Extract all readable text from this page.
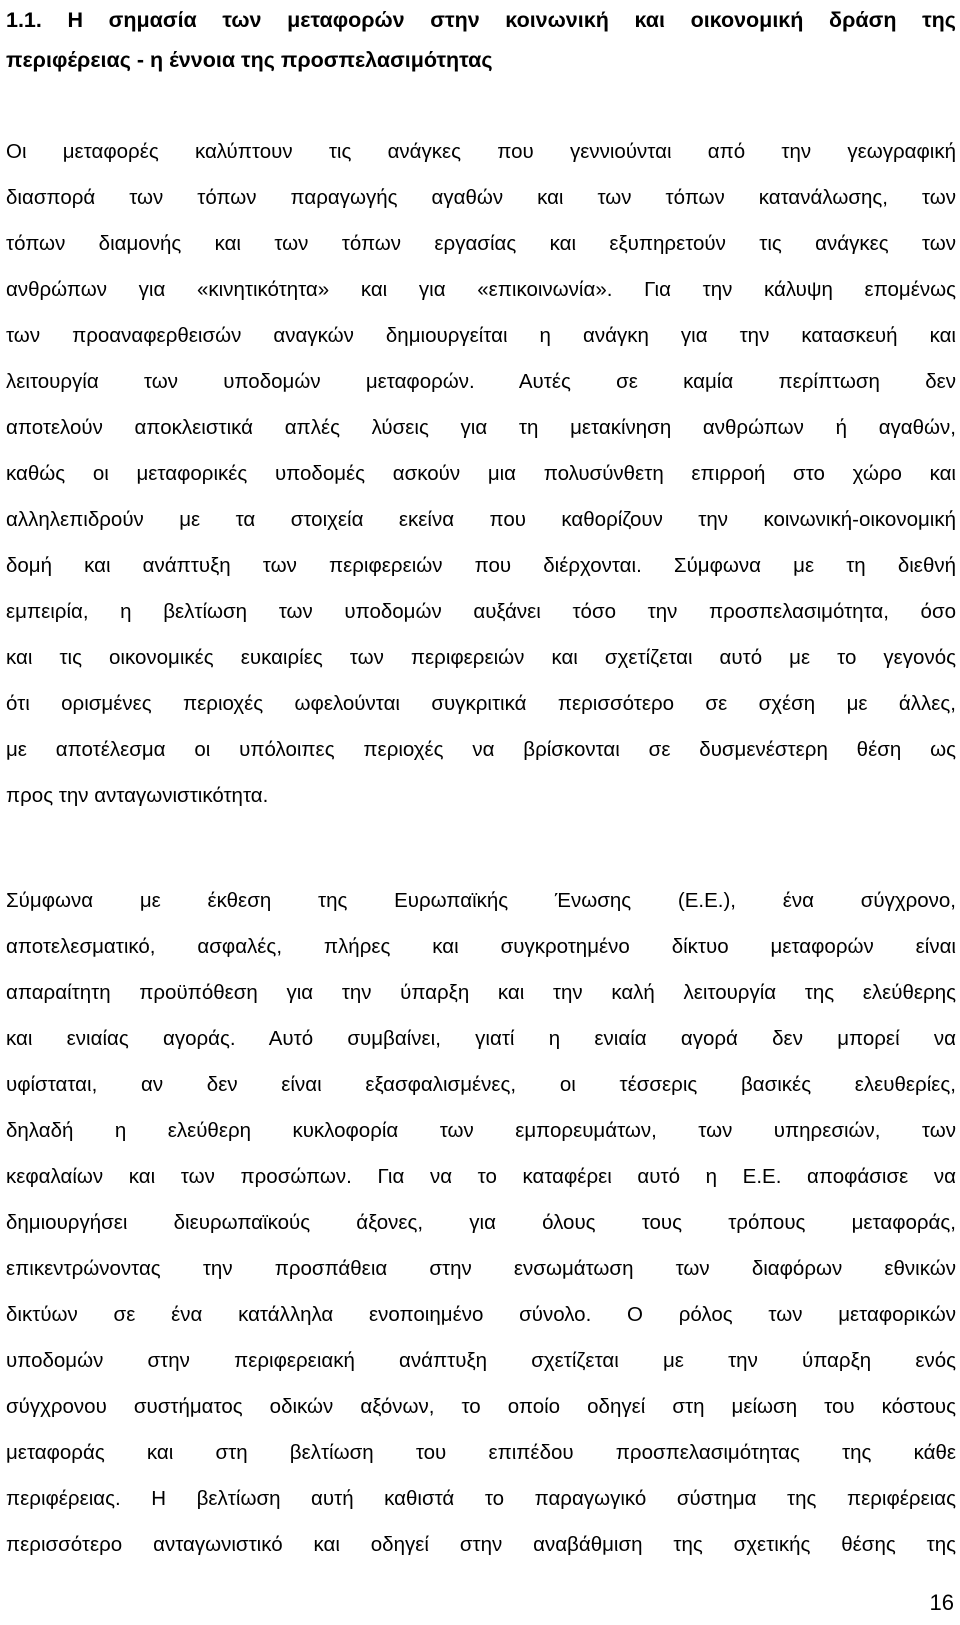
1.1. Η σημασία των μεταφορών στην κοινωνική και οικονομική δράση της
περιφέρειας - η έννοια της προσπελασιμότητας
Οι μεταφορές καλύπτουν τις ανάγκες που γεννιούνται από την γεωγραφική
διασπορά των τόπων παραγωγής αγαθών και των τόπων κατανάλωσης, των
τόπων διαμονής και των τόπων εργασίας και εξυπηρετούν τις ανάγκες των
ανθρώπων για «κινητικότητα» και για «επικοινωνία». Για την κάλυψη επομένως
των προαναφερθεισών αναγκών δημιουργείται η ανάγκη για την κατασκευή και
λειτουργία των υποδομών μεταφορών. Αυτές σε καμία περίπτωση δεν
αποτελούν αποκλειστικά απλές λύσεις για τη μετακίνηση ανθρώπων ή αγαθών,
καθώς οι μεταφορικές υποδομές ασκούν μια πολυσύνθετη επιρροή στο χώρο και
αλληλεπιδρούν με τα στοιχεία εκείνα που καθορίζουν την κοινωνική-οικονομική
δομή και ανάπτυξη των περιφερειών που διέρχονται. Σύμφωνα με τη διεθνή
εμπειρία, η βελτίωση των υποδομών αυξάνει τόσο την προσπελασιμότητα, όσο
και τις οικονομικές ευκαιρίες των περιφερειών και σχετίζεται αυτό με το γεγονός
ότι ορισμένες περιοχές ωφελούνται συγκριτικά περισσότερο σε σχέση με άλλες,
με αποτέλεσμα οι υπόλοιπες περιοχές να βρίσκονται σε δυσμενέστερη θέση ως
προς την ανταγωνιστικότητα.
Σύμφωνα με έκθεση της Ευρωπαϊκής Ένωσης (Ε.Ε.), ένα σύγχρονο,
αποτελεσματικό, ασφαλές, πλήρες και συγκροτημένο δίκτυο μεταφορών είναι
απαραίτητη προϋπόθεση για την ύπαρξη και την καλή λειτουργία της ελεύθερης
και ενιαίας αγοράς. Αυτό συμβαίνει, γιατί η ενιαία αγορά δεν μπορεί να
υφίσταται, αν δεν είναι εξασφαλισμένες, οι τέσσερις βασικές ελευθερίες,
δηλαδή η ελεύθερη κυκλοφορία των εμπορευμάτων, των υπηρεσιών, των
κεφαλαίων και των προσώπων. Για να το καταφέρει αυτό η Ε.Ε. αποφάσισε να
δημιουργήσει διευρωπαϊκούς άξονες, για όλους τους τρόπους μεταφοράς,
επικεντρώνοντας την προσπάθεια στην ενσωμάτωση των διαφόρων εθνικών
δικτύων σε ένα κατάλληλα ενοποιημένο σύνολο. Ο ρόλος των μεταφορικών
υποδομών στην περιφερειακή ανάπτυξη σχετίζεται με την ύπαρξη ενός
σύγχρονου συστήματος οδικών αξόνων, το οποίο οδηγεί στη μείωση του κόστους
μεταφοράς και στη βελτίωση του επιπέδου προσπελασιμότητας της κάθε
περιφέρειας. Η βελτίωση αυτή καθιστά το παραγωγικό σύστημα της περιφέρειας
περισσότερο ανταγωνιστικό και οδηγεί στην αναβάθμιση της σχετικής θέσης της
16
